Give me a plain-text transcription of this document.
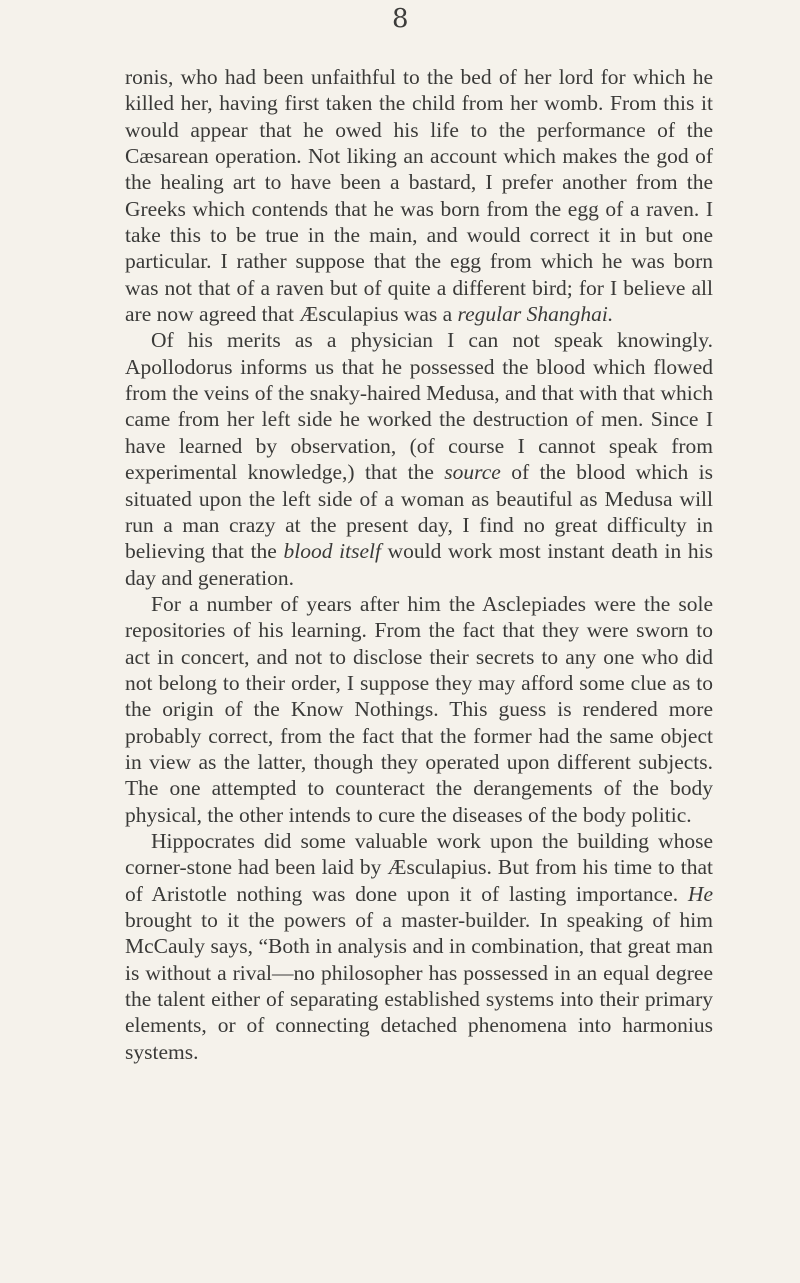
8

ronis, who had been unfaithful to the bed of her lord for which he killed her, having first taken the child from her womb. From this it would appear that he owed his life to the performance of the Cæsarean operation. Not liking an account which makes the god of the healing art to have been a bastard, I prefer another from the Greeks which contends that he was born from the egg of a raven. I take this to be true in the main, and would correct it in but one particular. I rather suppose that the egg from which he was born was not that of a raven but of quite a different bird; for I believe all are now agreed that Æsculapius was a regular Shanghai.

Of his merits as a physician I can not speak knowingly. Apollodorus informs us that he possessed the blood which flowed from the veins of the snaky-haired Medusa, and that with that which came from her left side he worked the destruction of men. Since I have learned by observation, (of course I cannot speak from experimental knowledge,) that the source of the blood which is situated upon the left side of a woman as beautiful as Medusa will run a man crazy at the present day, I find no great difficulty in believing that the blood itself would work most instant death in his day and generation.

For a number of years after him the Asclepiades were the sole repositories of his learning. From the fact that they were sworn to act in concert, and not to disclose their secrets to any one who did not belong to their order, I suppose they may afford some clue as to the origin of the Know Nothings. This guess is rendered more probably correct, from the fact that the former had the same object in view as the latter, though they operated upon different subjects. The one attempted to counteract the derangements of the body physical, the other intends to cure the diseases of the body politic.

Hippocrates did some valuable work upon the building whose corner-stone had been laid by Æsculapius. But from his time to that of Aristotle nothing was done upon it of lasting importance. He brought to it the powers of a master-builder. In speaking of him McCauly says, “Both in analysis and in combination, that great man is without a rival—no philosopher has possessed in an equal degree the talent either of separating established systems into their primary elements, or of connecting detached phenomena into harmonius systems.
